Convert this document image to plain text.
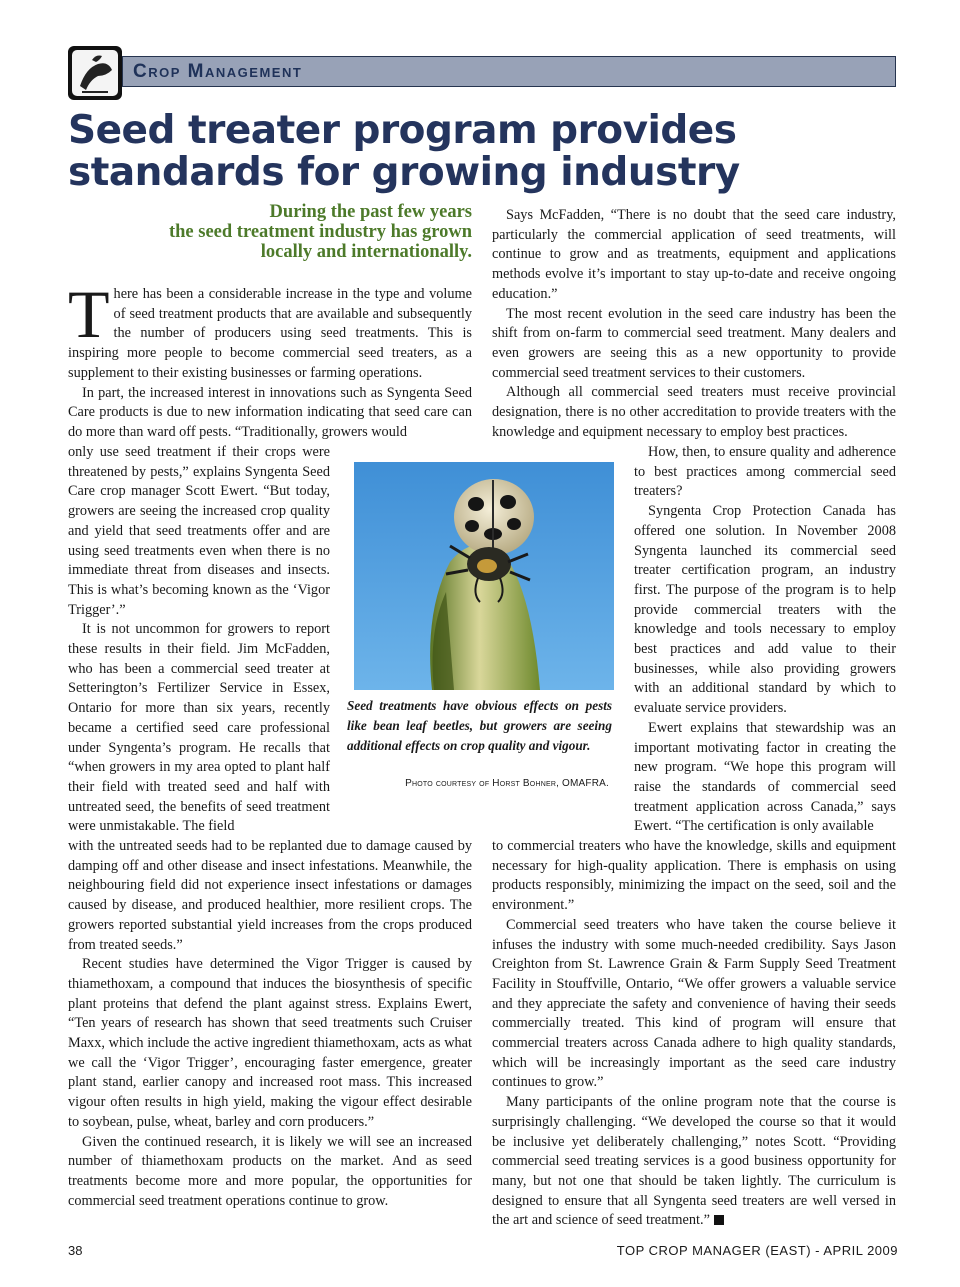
Crop Management
Seed treater program provides
standards for growing industry
During the past few years
the seed treatment industry has grown
locally and internationally.

There has been a considerable increase in the type and volume of seed treatment products that are available and subsequently the number of producers using seed treatments. This is inspiring more people to become commercial seed treaters, as a supplement to their existing businesses or farming operations.

In part, the increased interest in innovations such as Syngenta Seed Care products is due to new information indicating that seed care can do more than ward off pests. “Traditionally, growers would

only use seed treatment if their crops were threatened by pests,” explains Syngenta Seed Care crop manager Scott Ewert. “But today, growers are seeing the increased crop quality and yield that seed treatments offer and are using seed treatments even when there is no immediate threat from diseases and insects. This is what’s becoming known as the ‘Vigor Trigger’.”

It is not uncommon for growers to report these results in their field. Jim McFadden, who has been a commercial seed treater at Setterington’s Fertilizer Service in Essex, Ontario for more than six years, recently became a certified seed care professional under Syngenta’s program. He recalls that “when growers in my area opted to plant half their field with treated seed and half with untreated seed, the benefits of seed treatment were unmistakable. The field

with the untreated seeds had to be replanted due to damage caused by damping off and other disease and insect infestations. Meanwhile, the neighbouring field did not experience insect infestations or damages caused by disease, and produced healthier, more resilient crops. The growers reported substantial yield increases from the crops produced from treated seeds.”

Recent studies have determined the Vigor Trigger is caused by thiamethoxam, a compound that induces the biosynthesis of specific plant proteins that defend the plant against stress. Explains Ewert, “Ten years of research has shown that seed treatments such Cruiser Maxx, which include the active ingredient thiamethoxam, acts as what we call the ‘Vigor Trigger’, encouraging faster emergence, greater plant stand, earlier canopy and increased root mass. This increased vigour often results in high yield, making the vigour effect desirable to soybean, pulse, wheat, barley and corn producers.”

Given the continued research, it is likely we will see an increased number of thiamethoxam products on the market. And as seed treatments become more and more popular, the opportunities for commercial seed treatment operations continue to grow.

Says McFadden, “There is no doubt that the seed care industry, particularly the commercial application of seed treatments, will continue to grow and as treatments, equipment and applications methods evolve it’s important to stay up-to-date and receive ongoing education.”

The most recent evolution in the seed care industry has been the shift from on-farm to commercial seed treatment. Many dealers and even growers are seeing this as a new opportunity to provide commercial seed treatment services to their customers.

Although all commercial seed treaters must receive provincial designation, there is no other accreditation to provide treaters with the knowledge and equipment necessary to employ best practices.

How, then, to ensure quality and adherence to best practices among commercial seed treaters?

Syngenta Crop Protection Canada has offered one solution. In November 2008 Syngenta launched its commercial seed treater certification program, an industry first. The purpose of the program is to help provide commercial treaters with the knowledge and tools necessary to employ best practices and add value to their businesses, while also providing growers with an additional standard by which to evaluate service providers.

Ewert explains that stewardship was an important motivating factor in creating the new program. “We hope this program will raise the standards of commercial seed treatment application across Canada,” says Ewert. “The certification is only available

to commercial treaters who have the knowledge, skills and equipment necessary for high-quality application. There is emphasis on using products responsibly, minimizing the impact on the seed, soil and the environment.”

Commercial seed treaters who have taken the course believe it infuses the industry with some much-needed credibility. Says Jason Creighton from St. Lawrence Grain & Farm Supply Seed Treatment Facility in Stouffville, Ontario, “We offer growers a valuable service and they appreciate the safety and convenience of having their seeds commercially treated. This kind of program will ensure that commercial treaters across Canada adhere to high quality standards, which will be increasingly important as the seed care industry continues to grow.”

Many participants of the online program note that the course is surprisingly challenging. “We developed the course so that it would be inclusive yet deliberately challenging,” notes Scott. “Providing commercial seed treating services is a good business opportunity for many, but not one that should be taken lightly. The curriculum is designed to ensure that all Syngenta seed treaters are well versed in the art and science of seed treatment.”

Seed treatments have obvious effects on pests like bean leaf beetles, but growers are seeing additional effects on crop quality and vigour.
Photo courtesy of Horst Bohner, OMAFRA.
38	TOP CROP MANAGER (EAST) - APRIL 2009
